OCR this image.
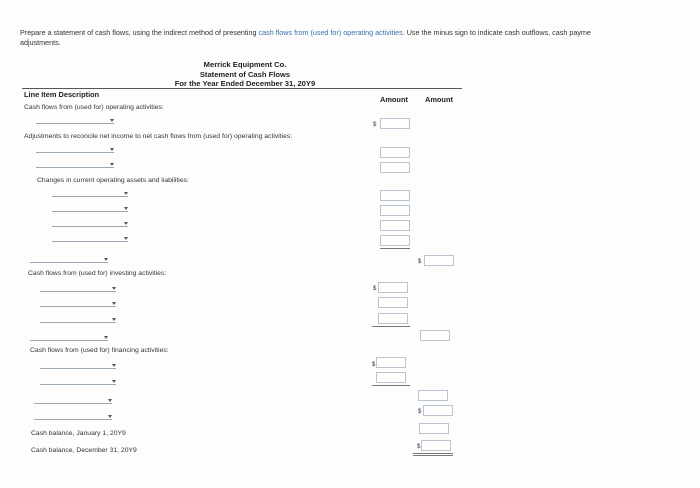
Prepare a statement of cash flows, using the indirect method of presenting cash flows from (used for) operating activities. Use the minus sign to indicate cash outflows, cash payme
adjustments.
Merrick Equipment Co.
Statement of Cash Flows
For the Year Ended December 31, 20Y9
Line Item Description
Amount Amount
Cash flows from (used for) operating activities:
$
Adjustments to reconcile net income to net cash flows from (used for) operating activities:
Changes in current operating assets and liabilities:
$
Cash flows from (used for) investing activities:
$
Cash flows from (used for) financing activities:
$
$
Cash balance, January 1, 20Y9
Cash balance, December 31, 20Y9	$
